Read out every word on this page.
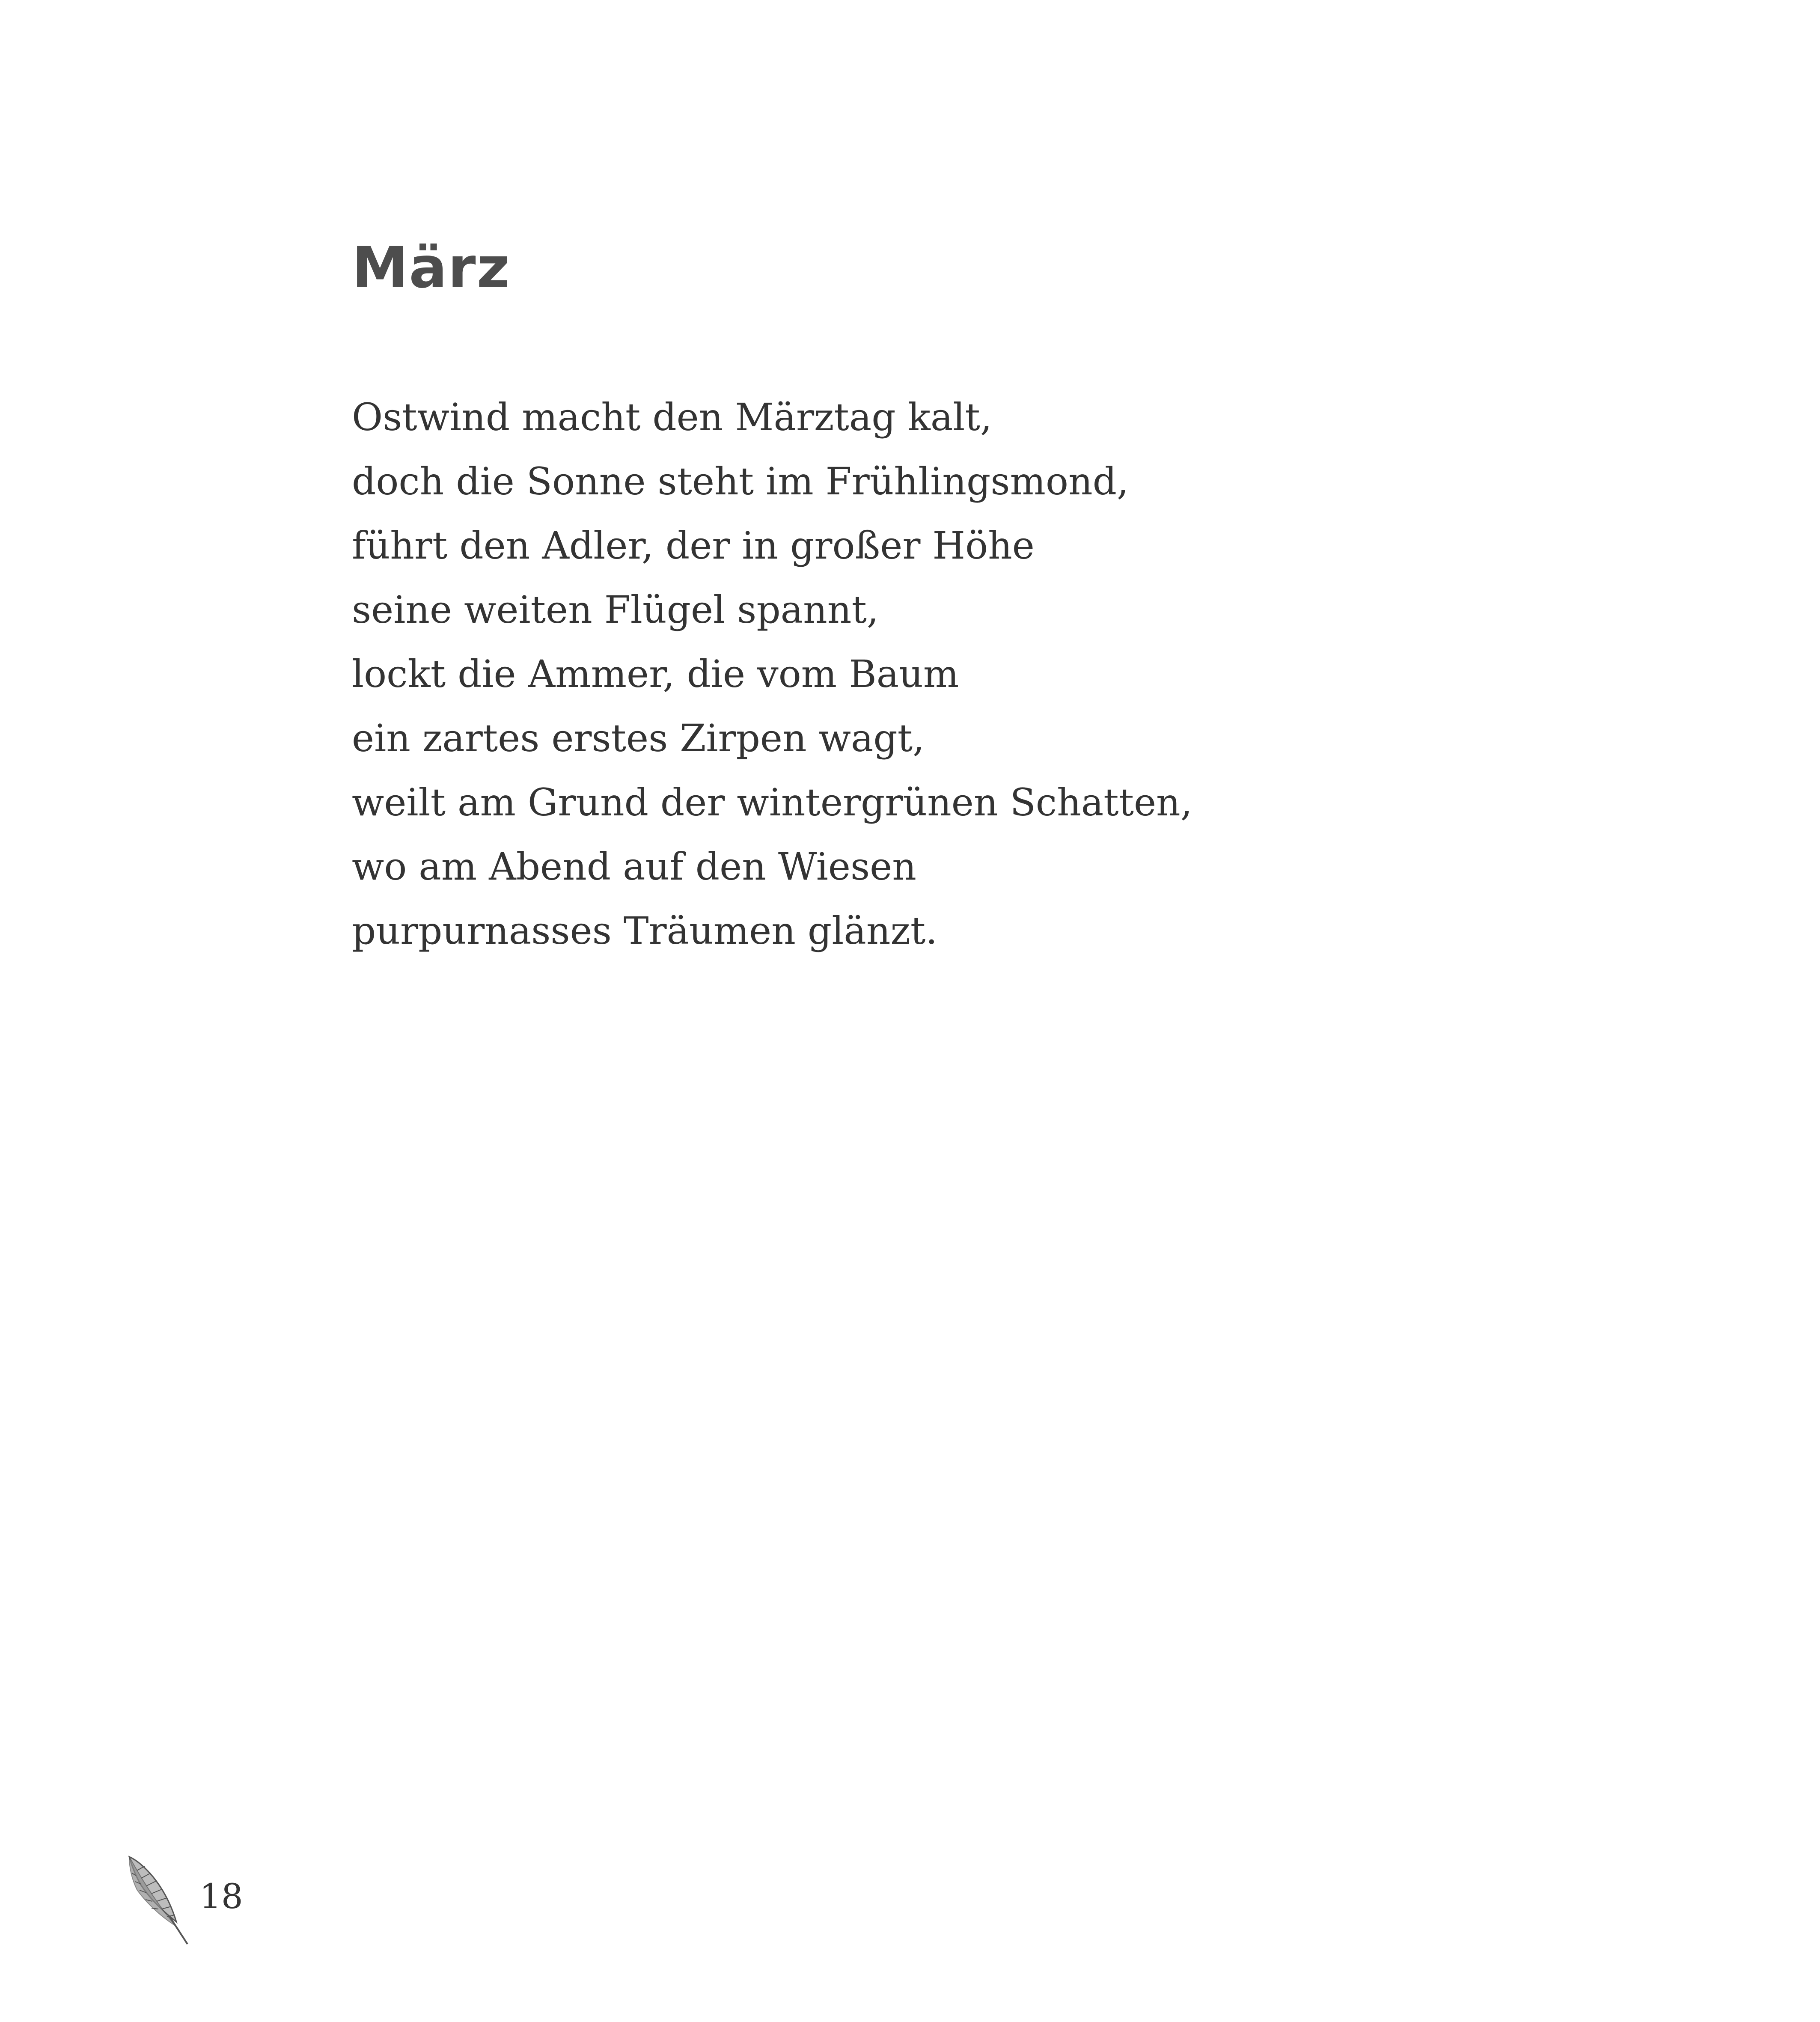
März
Ostwind macht den Märztag kalt,
doch die Sonne steht im Frühlingsmond,
führt den Adler, der in großer Höhe
seine weiten Flügel spannt,
lockt die Ammer, die vom Baum
ein zartes erstes Zirpen wagt,
weilt am Grund der wintergrünen Schatten,
wo am Abend auf den Wiesen
purpurnasses Träumen glänzt.
18
